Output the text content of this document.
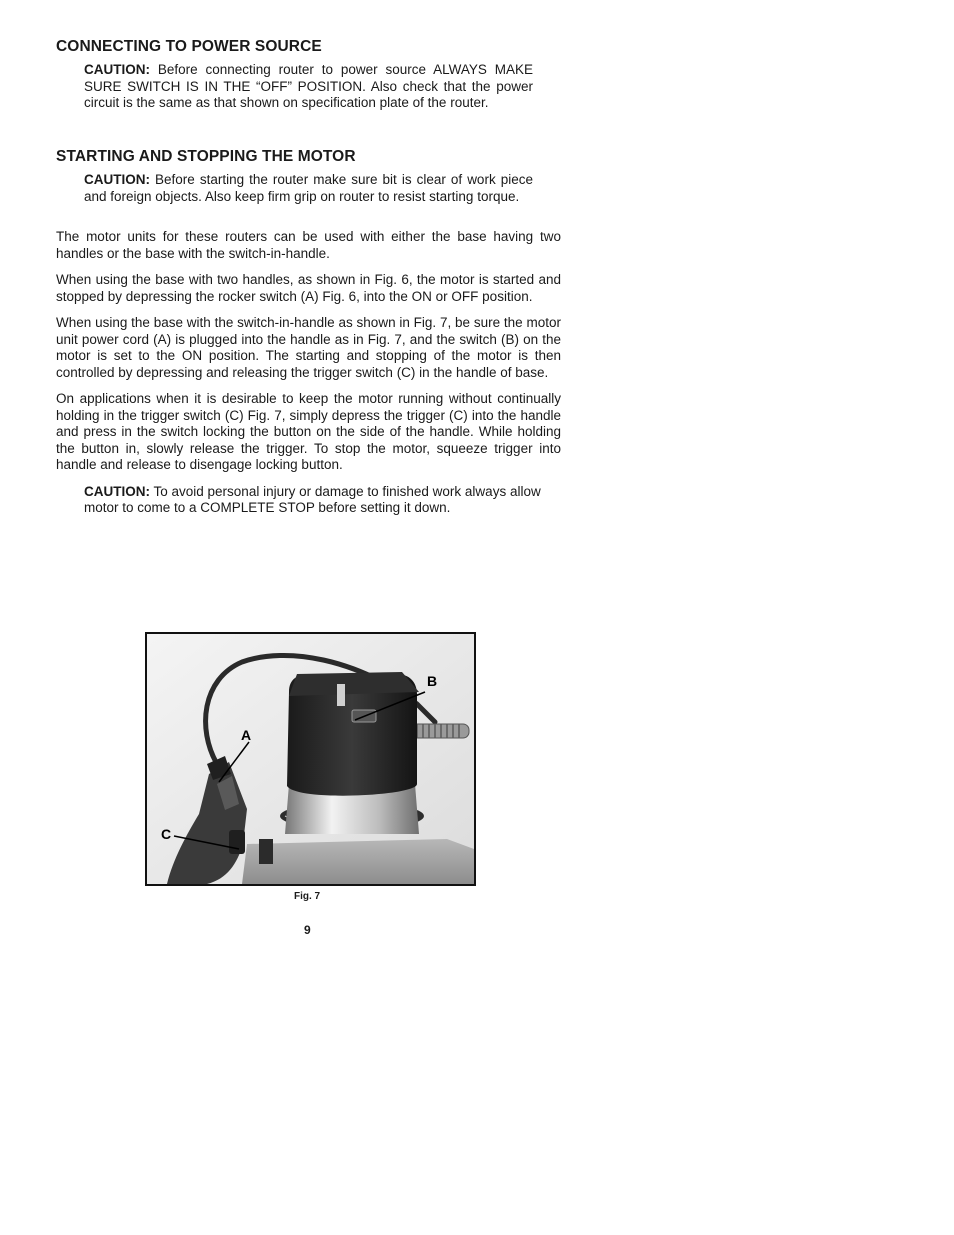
CONNECTING TO POWER SOURCE

CAUTION: Before connecting router to power source ALWAYS MAKE SURE SWITCH IS IN THE “OFF” POSITION. Also check that the power circuit is the same as that shown on specification plate of the router.

STARTING AND STOPPING THE MOTOR

CAUTION: Before starting the router make sure bit is clear of work piece and foreign objects. Also keep firm grip on router to resist starting torque.

The motor units for these routers can be used with either the base having two handles or the base with the switch-in-handle.

When using the base with two handles, as shown in Fig. 6, the motor is started and stopped by depressing the rocker switch (A) Fig. 6, into the ON or OFF position.

When using the base with the switch-in-handle as shown in Fig. 7, be sure the motor unit power cord (A) is plugged into the handle as in Fig. 7, and the switch (B) on the motor is set to the ON position. The starting and stopping of the motor is then controlled by depressing and releasing the trigger switch (C) in the handle of base.

On applications when it is desirable to keep the motor running without continually holding in the trigger switch (C) Fig. 7, simply depress the trigger (C) into the handle and press in the switch locking the button on the side of the handle. While holding the button in, slowly release the trigger. To stop the motor, squeeze trigger into handle and release to disengage locking button.

CAUTION: To avoid personal injury or damage to finished work always allow motor to come to a COMPLETE STOP before setting it down.

A
B
C
Fig. 7
9
